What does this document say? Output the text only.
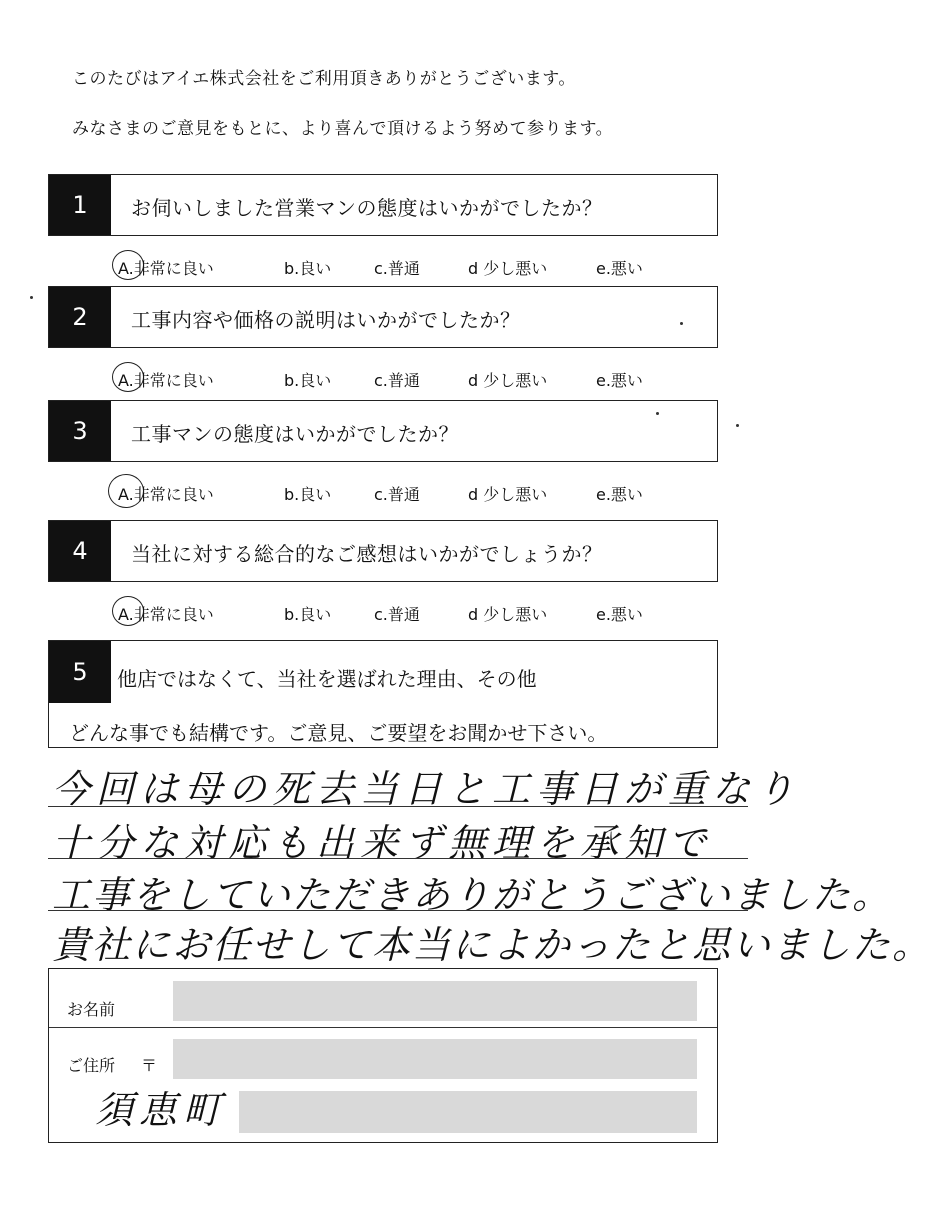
このたびはアイエ株式会社をご利用頂きありがとうございます。
みなさまのご意見をもとに、より喜んで頂けるよう努めて参ります。
1	お伺いしました営業マンの態度はいかがでしたか？
A.非常に良い	b.良い	c.普通	d 少し悪い	e.悪い
2	工事内容や価格の説明はいかがでしたか？
A.非常に良い	b.良い	c.普通	d 少し悪い	e.悪い
3	工事マンの態度はいかがでしたか？
A.非常に良い	b.良い	c.普通	d 少し悪い	e.悪い
4	当社に対する総合的なご感想はいかがでしょうか？
A.非常に良い	b.良い	c.普通	d 少し悪い	e.悪い
5	他店ではなくて、当社を選ばれた理由、その他
どんな事でも結構です。ご意見、ご要望をお聞かせ下さい。
今回は母の死去当日と工事日が重なり
十分な対応も出来ず無理を承知で
工事をしていただきありがとうございました。
貴社にお任せして本当によかったと思いました。
お名前
ご住所 〒
須恵町
